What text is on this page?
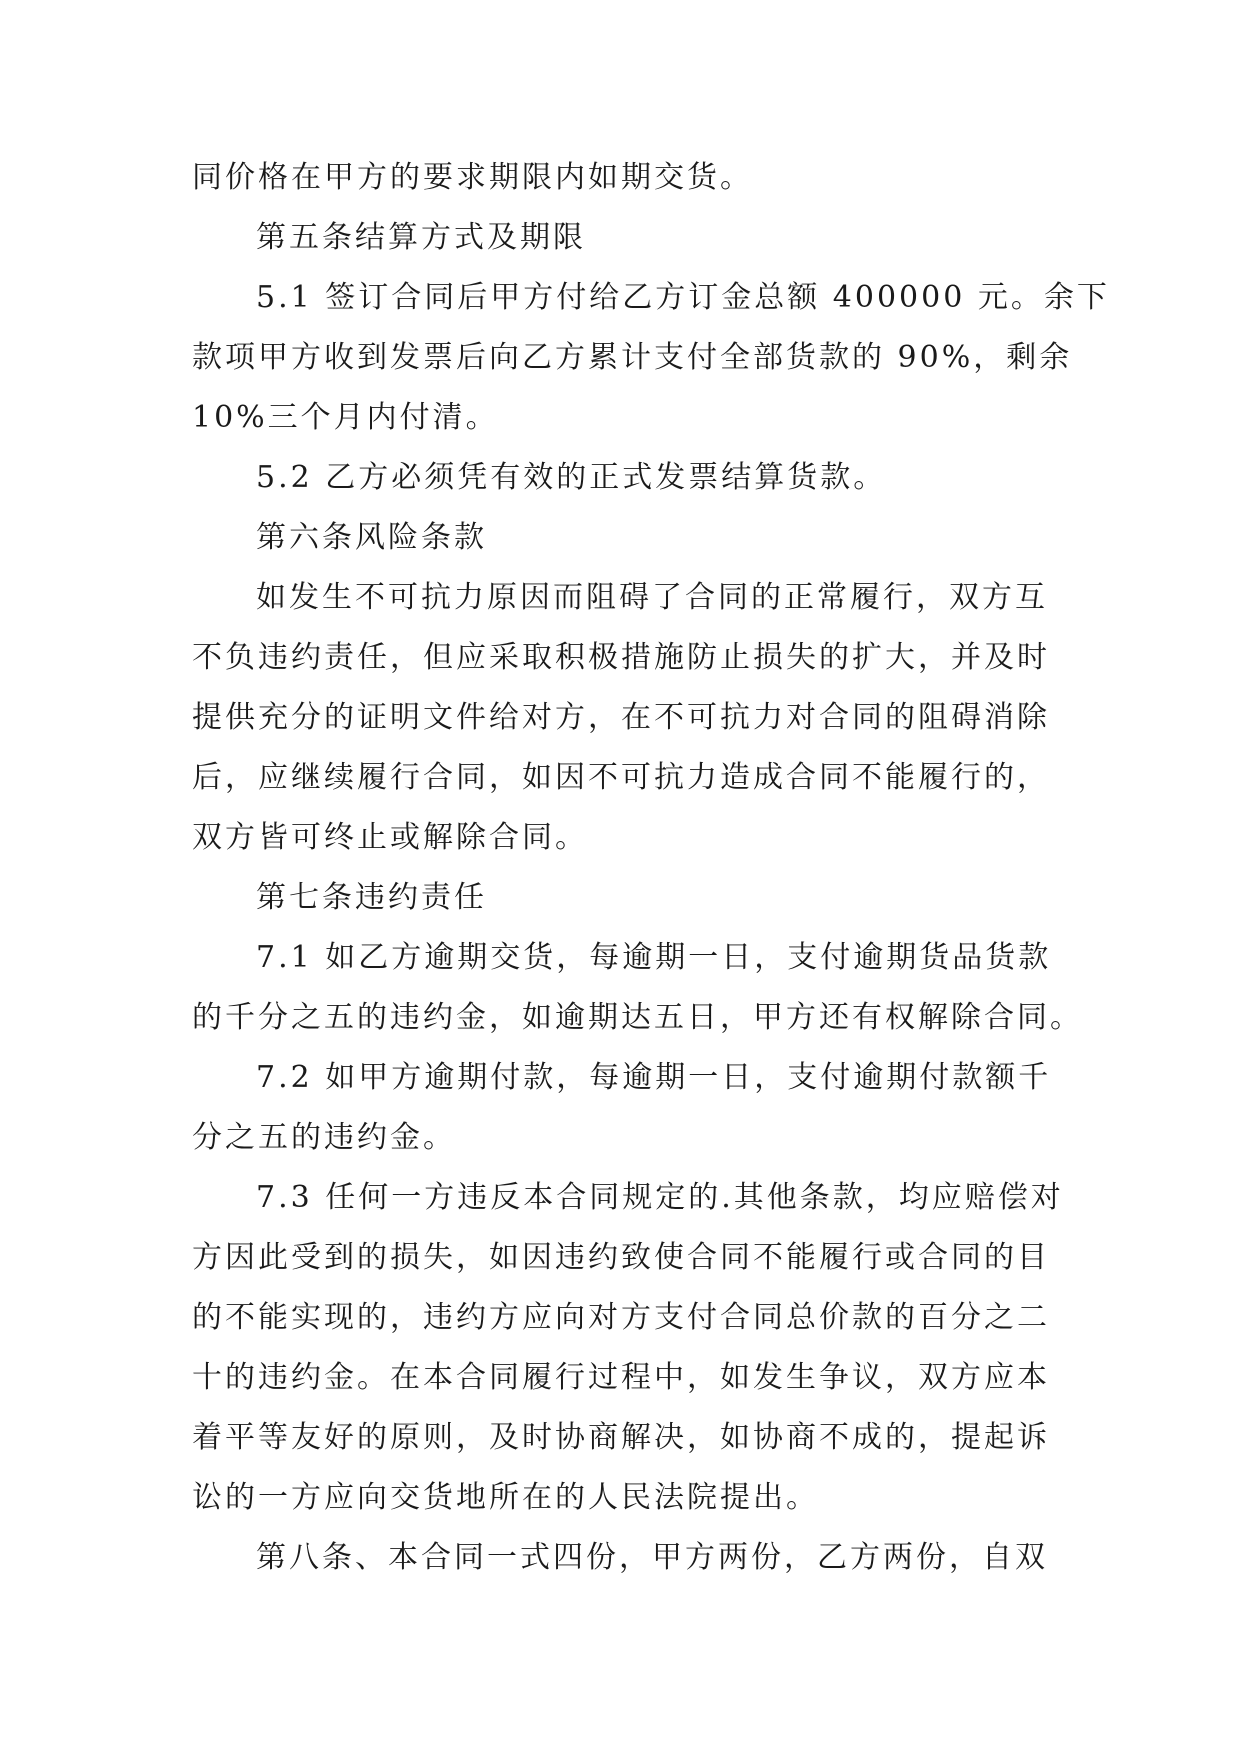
同价格在甲方的要求期限内如期交货。
第五条结算方式及期限
5.1 签订合同后甲方付给乙方订金总额 400000 元。余下
款项甲方收到发票后向乙方累计支付全部货款的 90%，剩余
10%三个月内付清。
5.2 乙方必须凭有效的正式发票结算货款。
第六条风险条款
如发生不可抗力原因而阻碍了合同的正常履行，双方互
不负违约责任，但应采取积极措施防止损失的扩大，并及时
提供充分的证明文件给对方，在不可抗力对合同的阻碍消除
后，应继续履行合同，如因不可抗力造成合同不能履行的，
双方皆可终止或解除合同。
第七条违约责任
7.1 如乙方逾期交货，每逾期一日，支付逾期货品货款
的千分之五的违约金，如逾期达五日，甲方还有权解除合同。
7.2 如甲方逾期付款，每逾期一日，支付逾期付款额千
分之五的违约金。
7.3 任何一方违反本合同规定的.其他条款，均应赔偿对
方因此受到的损失，如因违约致使合同不能履行或合同的目
的不能实现的，违约方应向对方支付合同总价款的百分之二
十的违约金。在本合同履行过程中，如发生争议，双方应本
着平等友好的原则，及时协商解决，如协商不成的，提起诉
讼的一方应向交货地所在的人民法院提出。
第八条、本合同一式四份，甲方两份，乙方两份，自双
